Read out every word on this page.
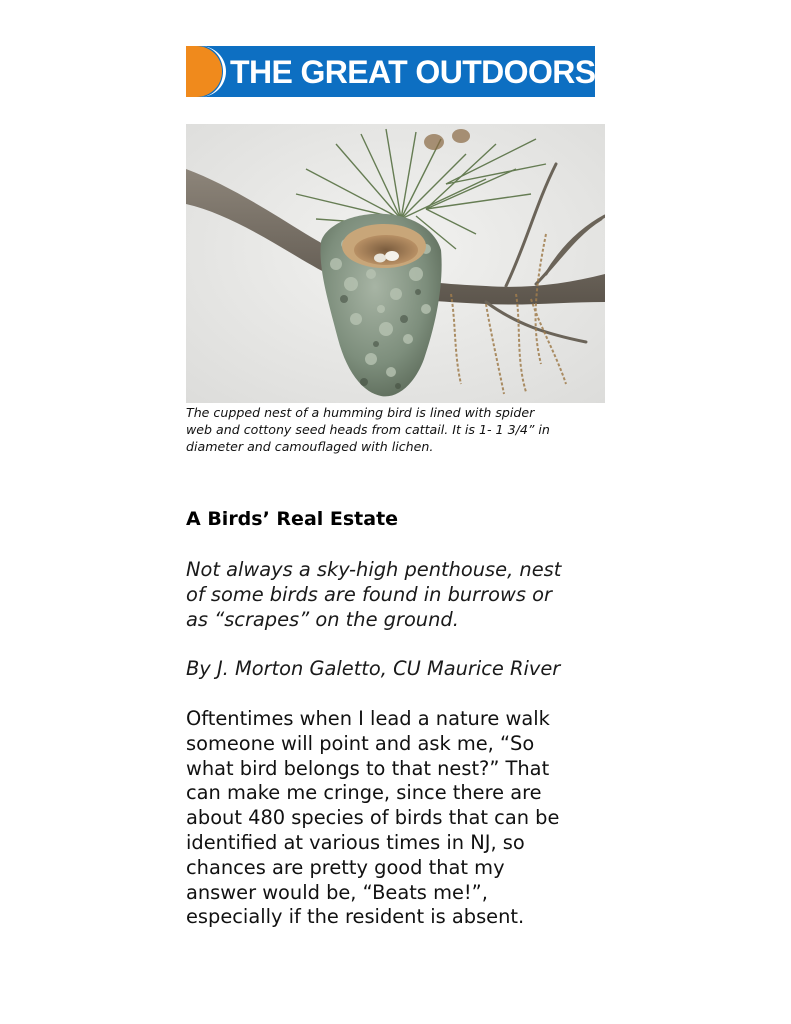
THE GREAT OUTDOORS
The cupped nest of a humming bird is lined with spider
web and cottony seed heads from cattail. It is 1- 1 3/4” in
diameter and camouflaged with lichen.
A Birds’ Real Estate
Not always a sky-high penthouse, nest
of some birds are found in burrows or
as “scrapes” on the ground.
By J. Morton Galetto, CU Maurice River
Oftentimes when I lead a nature walk
someone will point and ask me, “So
what bird belongs to that nest?” That
can make me cringe, since there are
about 480 species of birds that can be
identified at various times in NJ, so
chances are pretty good that my
answer would be, “Beats me!”,
especially if the resident is absent.
